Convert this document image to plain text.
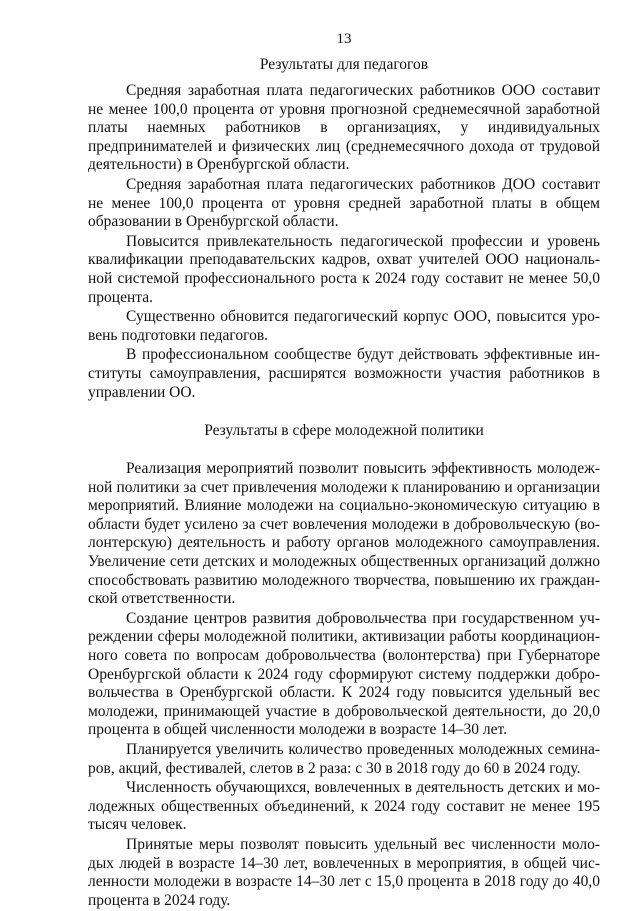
13
Результаты для педагогов

Средняя заработная плата педагогических работников ООО составит не менее 100,0 процента от уровня прогнозной среднемесячной заработной платы наемных работников в организациях, у индивидуальных предпринимателей и физических лиц (среднемесячного дохода от трудовой деятельности) в Оренбургской области.

Средняя заработная плата педагогических работников ДОО составит не менее 100,0 процента от уровня средней заработной платы в общем образовании в Оренбургской области.

Повысится привлекательность педагогической профессии и уровень квалификации преподавательских кадров, охват учителей ООО национальной системой профессионального роста к 2024 году составит не менее 50,0 процента.

Существенно обновится педагогический корпус ООО, повысится уровень подготовки педагогов.

В профессиональном сообществе будут действовать эффективные институты самоуправления, расширятся возможности участия работников в управлении ОО.

Результаты в сфере молодежной политики

Реализация мероприятий позволит повысить эффективность молодежной политики за счет привлечения молодежи к планированию и организации мероприятий. Влияние молодежи на социально-экономическую ситуацию в области будет усилено за счет вовлечения молодежи в добровольческую (волонтерскую) деятельность и работу органов молодежного самоуправления. Увеличение сети детских и молодежных общественных организаций должно способствовать развитию молодежного творчества, повышению их гражданской ответственности.

Создание центров развития добровольчества при государственном учреждении сферы молодежной политики, активизации работы координационного совета по вопросам добровольчества (волонтерства) при Губернаторе Оренбургской области к 2024 году сформируют систему поддержки добровольчества в Оренбургской области. К 2024 году повысится удельный вес молодежи, принимающей участие в добровольческой деятельности, до 20,0 процента в общей численности молодежи в возрасте 14–30 лет.

Планируется увеличить количество проведенных молодежных семинаров, акций, фестивалей, слетов в 2 раза: с 30 в 2018 году до 60 в 2024 году.

Численность обучающихся, вовлеченных в деятельность детских и молодежных общественных объединений, к 2024 году составит не менее 195 тысяч человек.

Принятые меры позволят повысить удельный вес численности молодых людей в возрасте 14–30 лет, вовлеченных в мероприятия, в общей численности молодежи в возрасте 14–30 лет с 15,0 процента в 2018 году до 40,0 процента в 2024 году.
